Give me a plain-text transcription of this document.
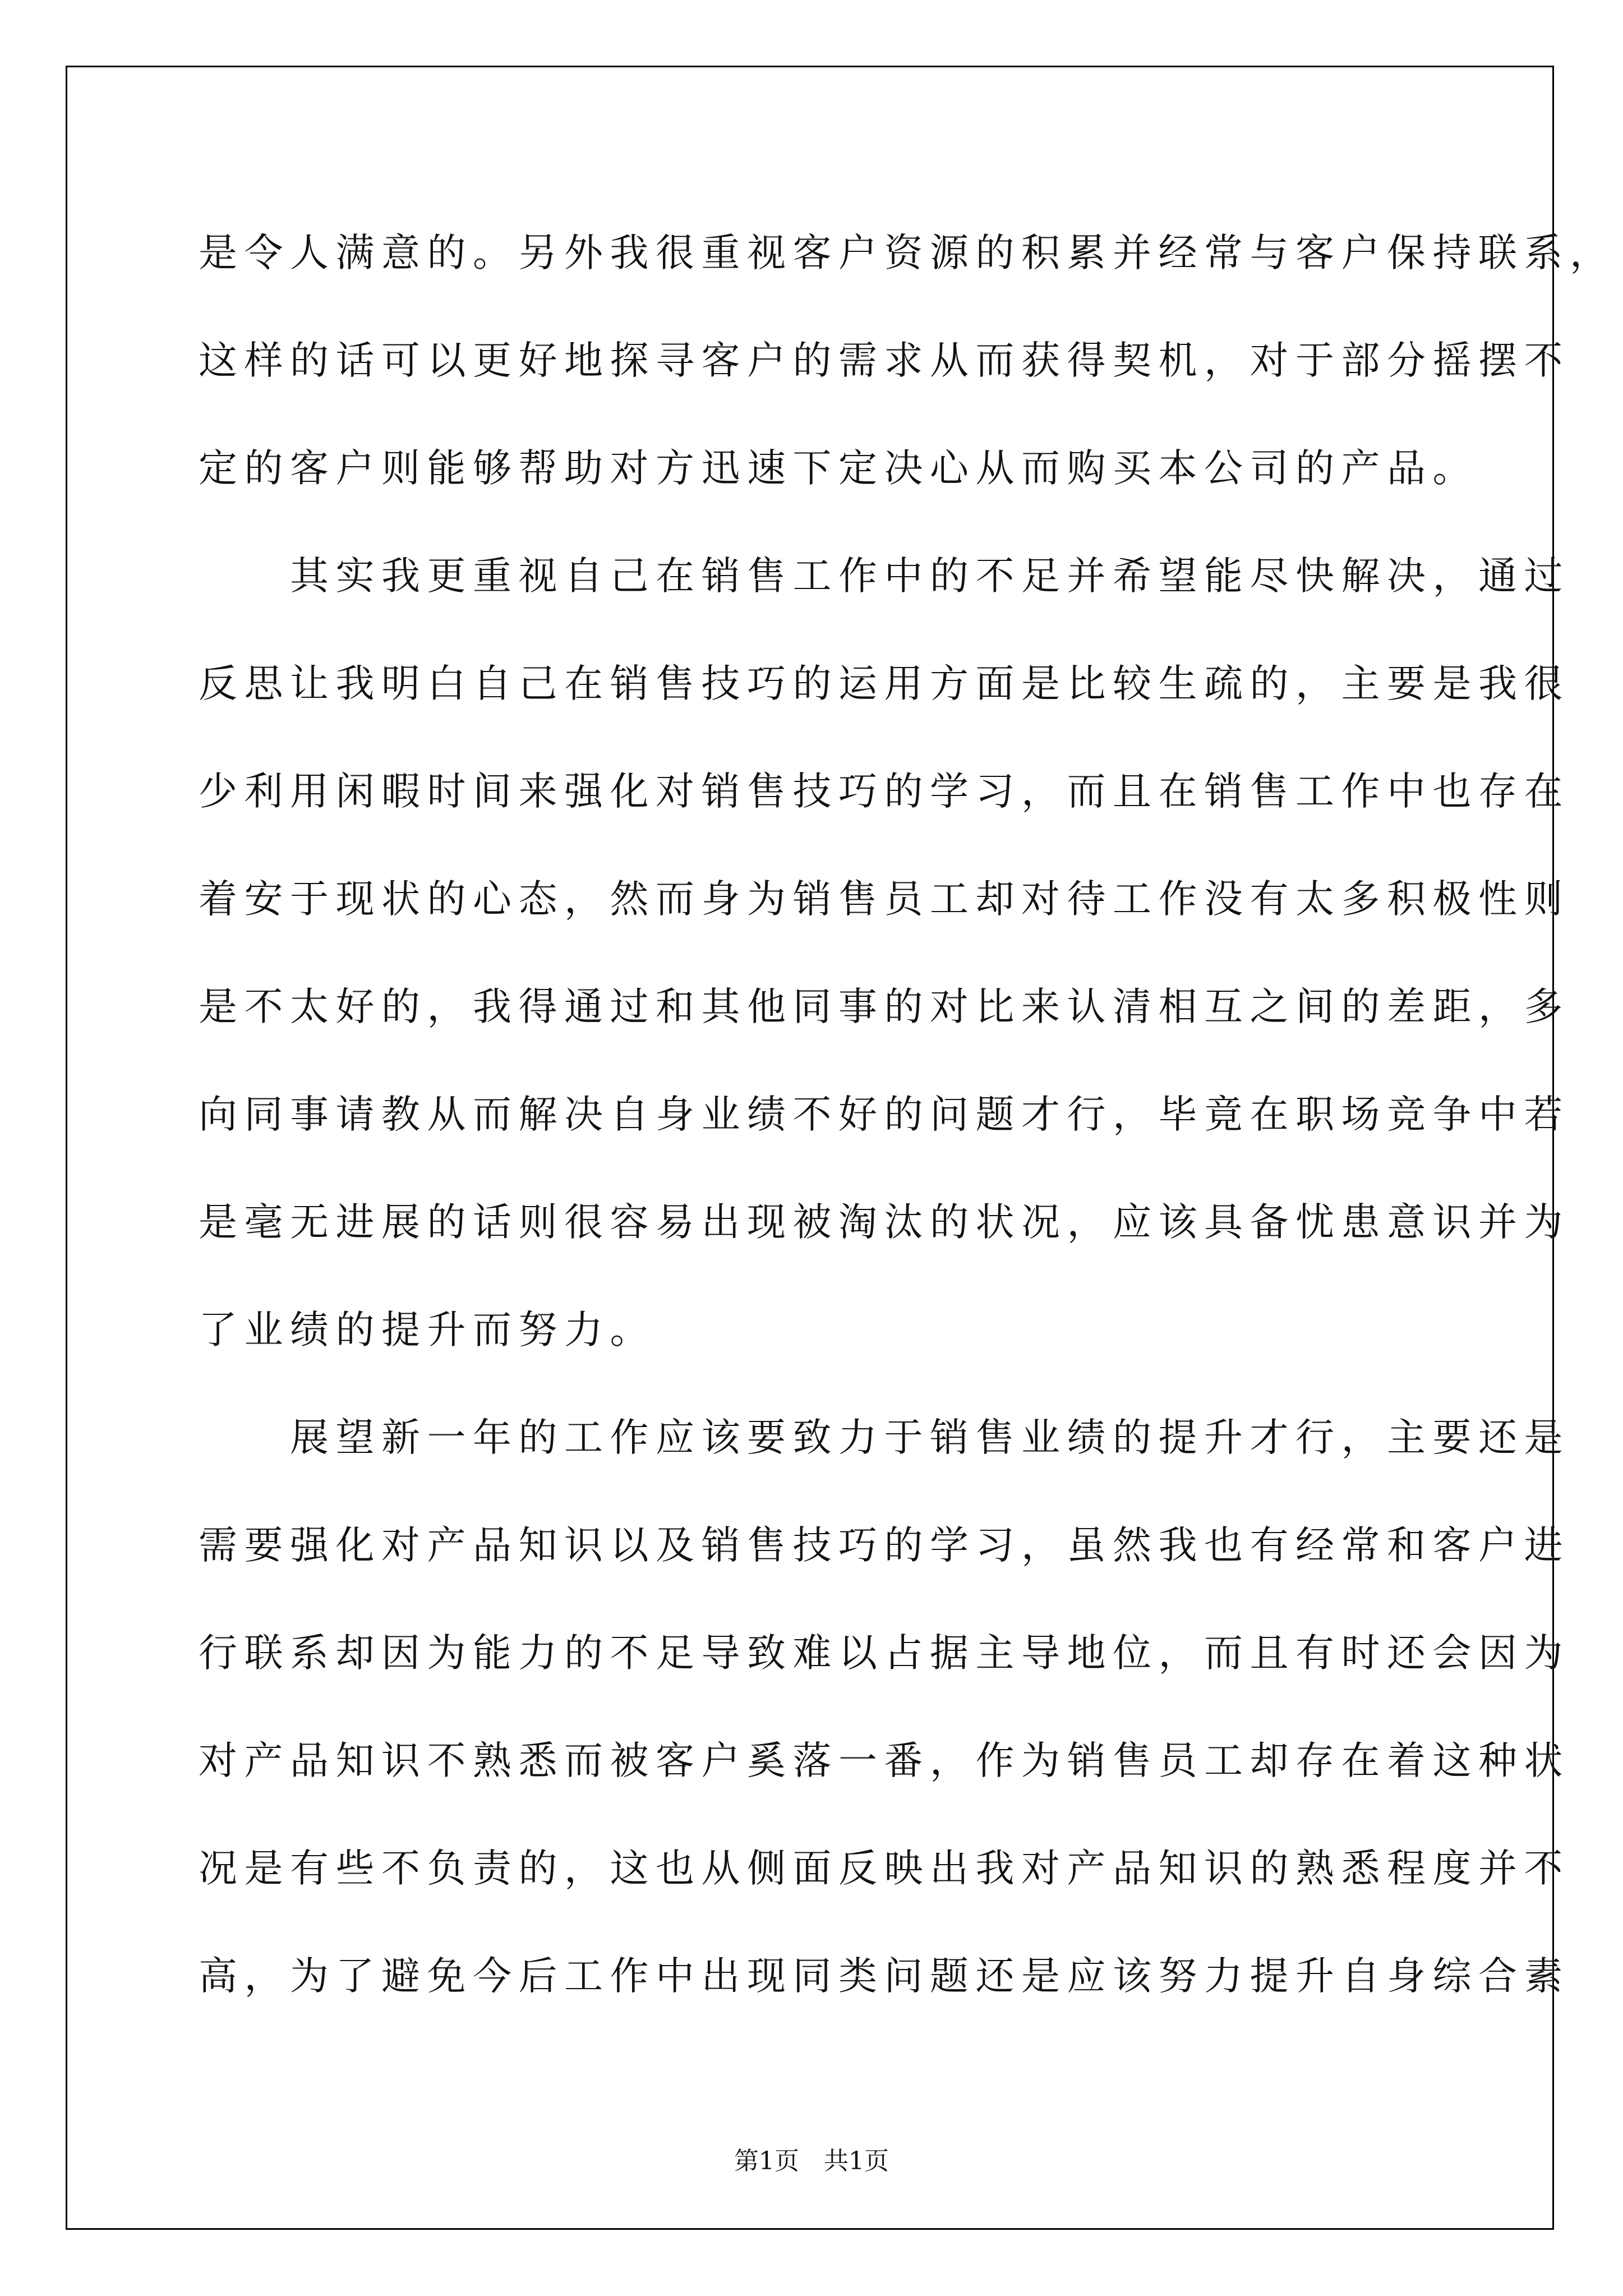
是令人满意的。另外我很重视客户资源的积累并经常与客户保持联系，
这样的话可以更好地探寻客户的需求从而获得契机，对于部分摇摆不
定的客户则能够帮助对方迅速下定决心从而购买本公司的产品。
　　其实我更重视自己在销售工作中的不足并希望能尽快解决，通过
反思让我明白自己在销售技巧的运用方面是比较生疏的，主要是我很
少利用闲暇时间来强化对销售技巧的学习，而且在销售工作中也存在
着安于现状的心态，然而身为销售员工却对待工作没有太多积极性则
是不太好的，我得通过和其他同事的对比来认清相互之间的差距，多
向同事请教从而解决自身业绩不好的问题才行，毕竟在职场竞争中若
是毫无进展的话则很容易出现被淘汰的状况，应该具备忧患意识并为
了业绩的提升而努力。
　　展望新一年的工作应该要致力于销售业绩的提升才行，主要还是
需要强化对产品知识以及销售技巧的学习，虽然我也有经常和客户进
行联系却因为能力的不足导致难以占据主导地位，而且有时还会因为
对产品知识不熟悉而被客户奚落一番，作为销售员工却存在着这种状
况是有些不负责的，这也从侧面反映出我对产品知识的熟悉程度并不
高，为了避免今后工作中出现同类问题还是应该努力提升自身综合素
第1页　共1页
